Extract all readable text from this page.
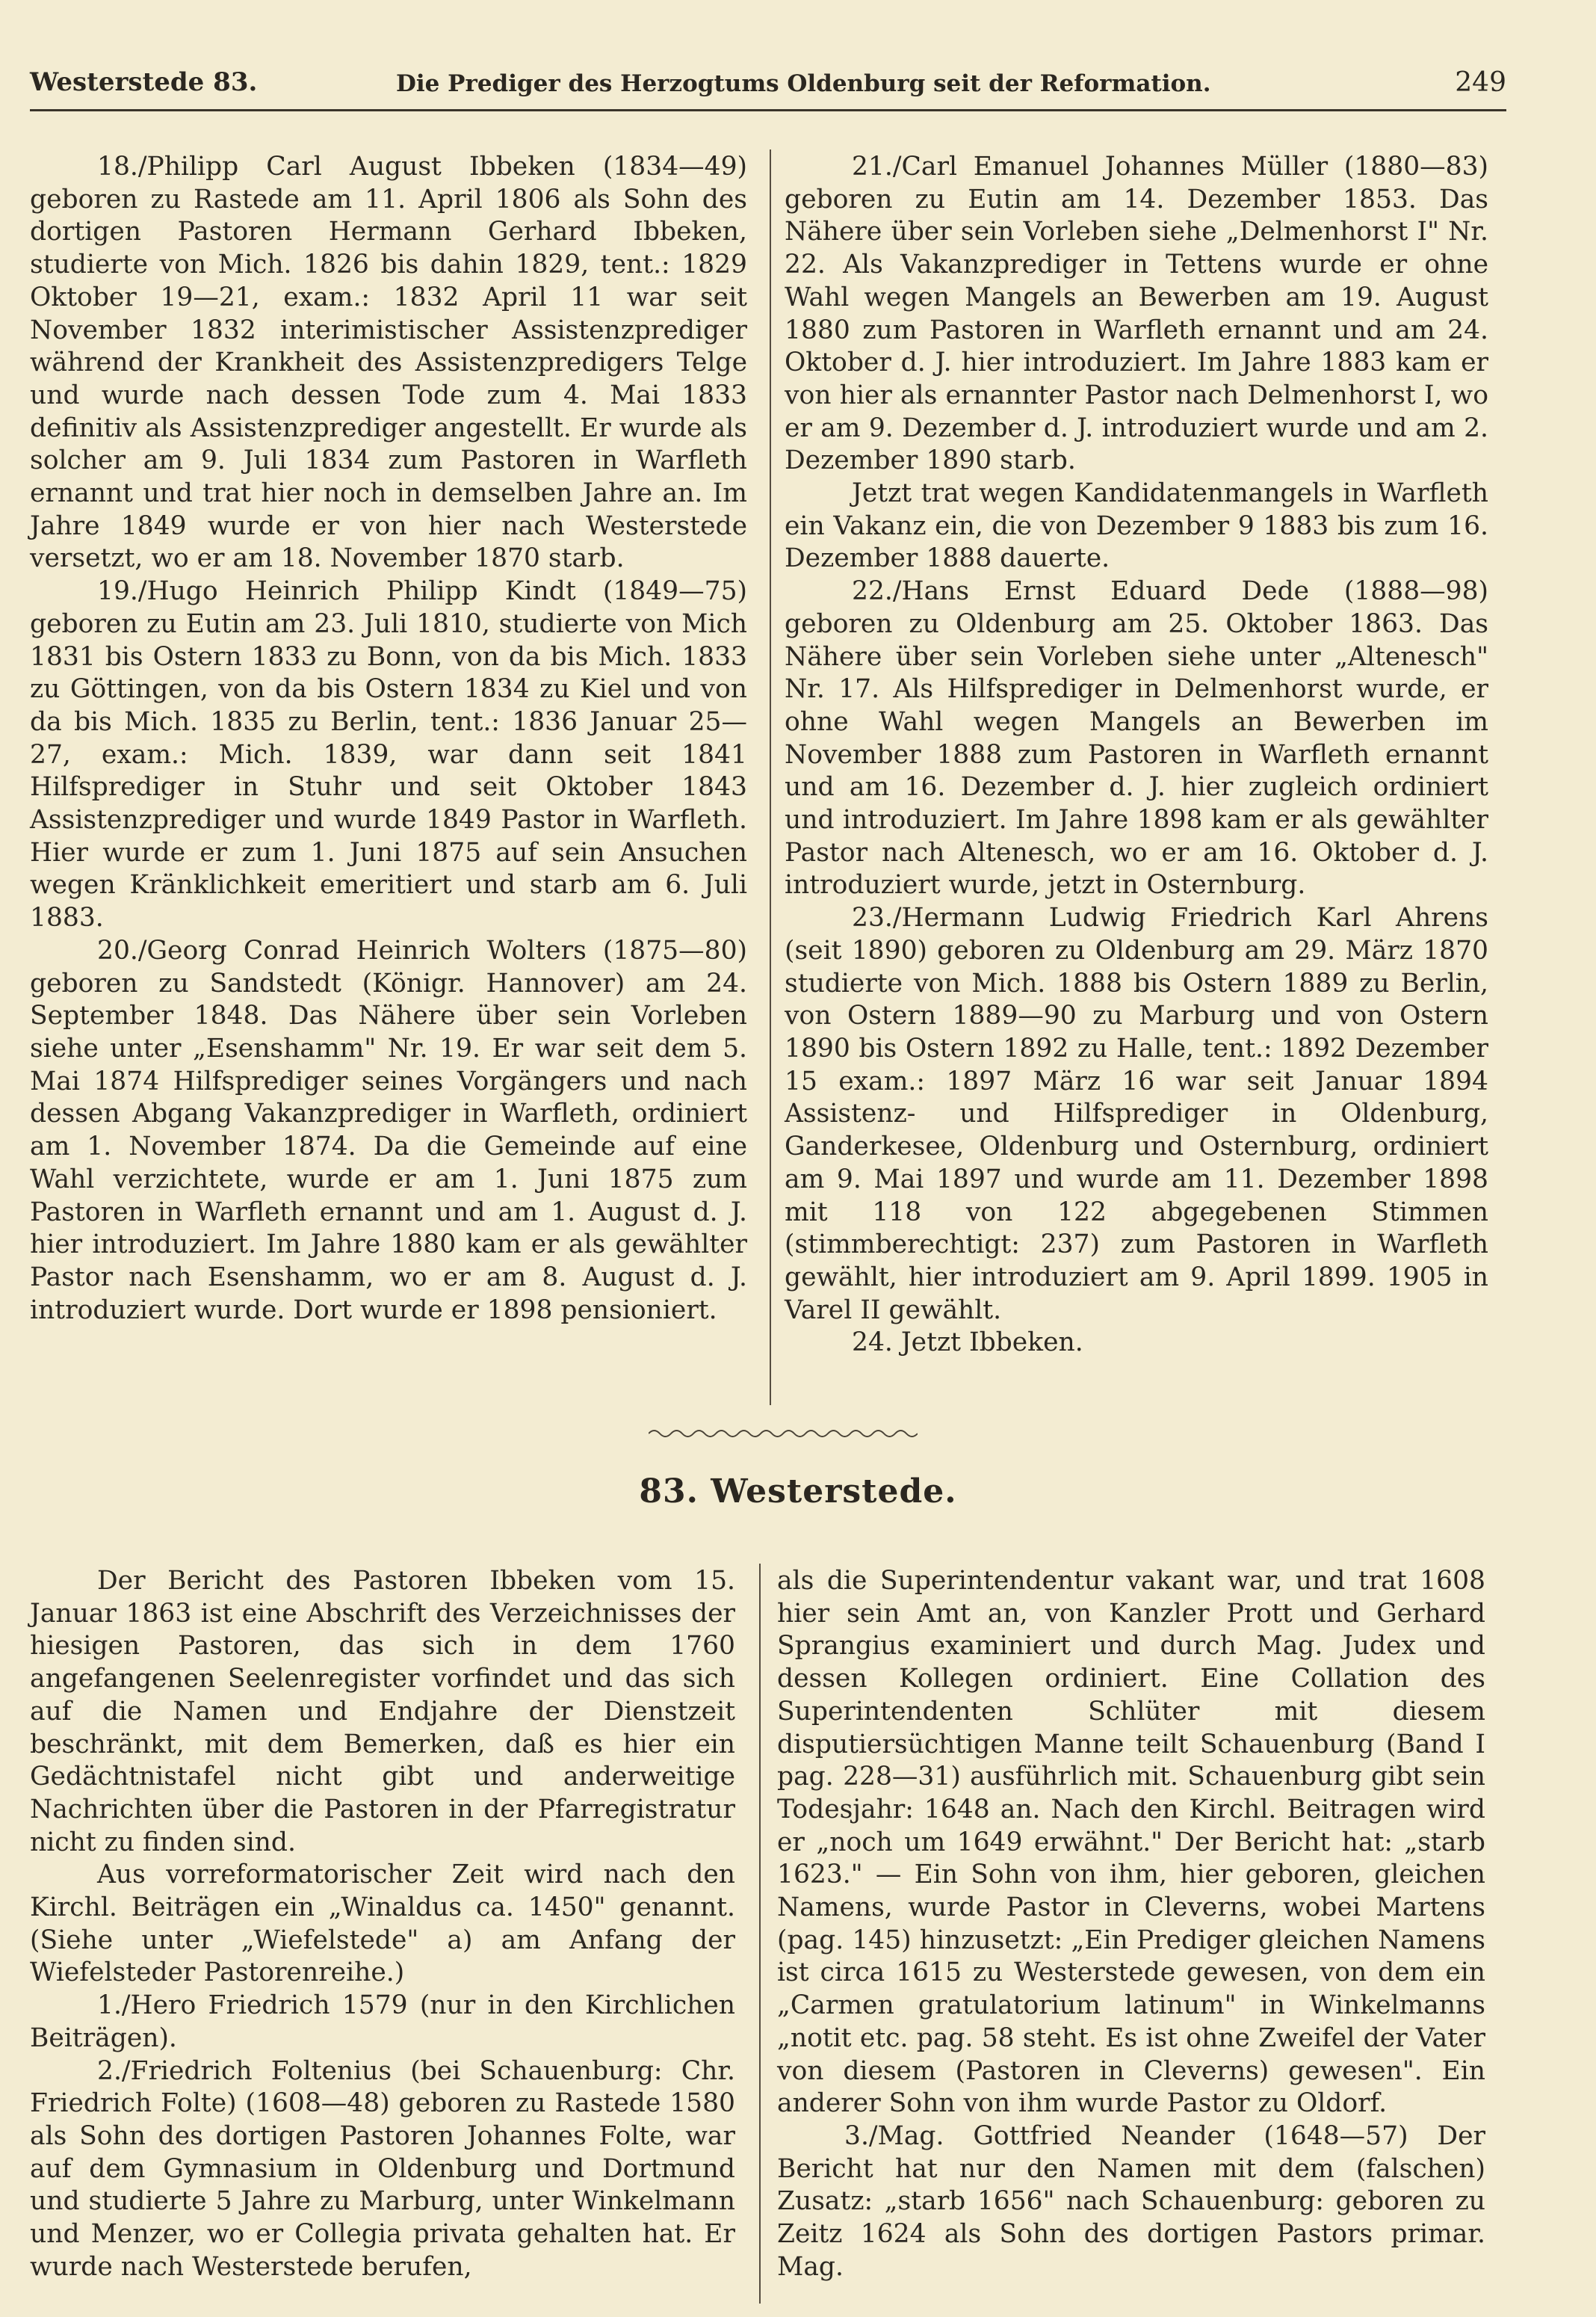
Westerstede 83.	Die Prediger des Herzogtums Oldenburg seit der Reformation.	249

18./Philipp Carl August Ibbeken (1834—49) geboren zu Rastede am 11. April 1806 als Sohn des dortigen Pastoren Hermann Gerhard Ibbeken, studierte von Mich. 1826 bis dahin 1829, tent.: 1829 Oktober 19—21, exam.: 1832 April 11 war seit November 1832 interimistischer Assistenzprediger während der Krankheit des Assistenzpredigers Telge und wurde nach dessen Tode zum 4. Mai 1833 definitiv als Assistenzprediger angestellt. Er wurde als solcher am 9. Juli 1834 zum Pastoren in Warfleth ernannt und trat hier noch in demselben Jahre an. Im Jahre 1849 wurde er von hier nach Westerstede versetzt, wo er am 18. November 1870 starb.

19./Hugo Heinrich Philipp Kindt (1849—75) geboren zu Eutin am 23. Juli 1810, studierte von Mich 1831 bis Ostern 1833 zu Bonn, von da bis Mich. 1833 zu Göttingen, von da bis Ostern 1834 zu Kiel und von da bis Mich. 1835 zu Berlin, tent.: 1836 Januar 25—27, exam.: Mich. 1839, war dann seit 1841 Hilfsprediger in Stuhr und seit Oktober 1843 Assistenzprediger und wurde 1849 Pastor in Warfleth. Hier wurde er zum 1. Juni 1875 auf sein Ansuchen wegen Kränklichkeit emeritiert und starb am 6. Juli 1883.

20./Georg Conrad Heinrich Wolters (1875—80) geboren zu Sandstedt (Königr. Hannover) am 24. September 1848. Das Nähere über sein Vorleben siehe unter „Esenshamm" Nr. 19. Er war seit dem 5. Mai 1874 Hilfsprediger seines Vorgängers und nach dessen Abgang Vakanzprediger in Warfleth, ordiniert am 1. November 1874. Da die Gemeinde auf eine Wahl verzichtete, wurde er am 1. Juni 1875 zum Pastoren in Warfleth ernannt und am 1. August d. J. hier introduziert. Im Jahre 1880 kam er als gewählter Pastor nach Esenshamm, wo er am 8. August d. J. introduziert wurde. Dort wurde er 1898 pensioniert.

21./Carl Emanuel Johannes Müller (1880—83) geboren zu Eutin am 14. Dezember 1853. Das Nähere über sein Vorleben siehe „Delmenhorst I" Nr. 22. Als Vakanzprediger in Tettens wurde er ohne Wahl wegen Mangels an Bewerben am 19. August 1880 zum Pastoren in Warfleth ernannt und am 24. Oktober d. J. hier introduziert. Im Jahre 1883 kam er von hier als ernannter Pastor nach Delmenhorst I, wo er am 9. Dezember d. J. introduziert wurde und am 2. Dezember 1890 starb.

Jetzt trat wegen Kandidatenmangels in Warfleth ein Vakanz ein, die von Dezember 9 1883 bis zum 16. Dezember 1888 dauerte.

22./Hans Ernst Eduard Dede (1888—98) geboren zu Oldenburg am 25. Oktober 1863. Das Nähere über sein Vorleben siehe unter „Altenesch" Nr. 17. Als Hilfsprediger in Delmenhorst wurde, er ohne Wahl wegen Mangels an Bewerben im November 1888 zum Pastoren in Warfleth ernannt und am 16. Dezember d. J. hier zugleich ordiniert und introduziert. Im Jahre 1898 kam er als gewählter Pastor nach Altenesch, wo er am 16. Oktober d. J. introduziert wurde, jetzt in Osternburg.

23./Hermann Ludwig Friedrich Karl Ahrens (seit 1890) geboren zu Oldenburg am 29. März 1870 studierte von Mich. 1888 bis Ostern 1889 zu Berlin, von Ostern 1889—90 zu Marburg und von Ostern 1890 bis Ostern 1892 zu Halle, tent.: 1892 Dezember 15 exam.: 1897 März 16 war seit Januar 1894 Assistenz- und Hilfsprediger in Oldenburg, Ganderkesee, Oldenburg und Osternburg, ordiniert am 9. Mai 1897 und wurde am 11. Dezember 1898 mit 118 von 122 abgegebenen Stimmen (stimmberechtigt: 237) zum Pastoren in Warfleth gewählt, hier introduziert am 9. April 1899. 1905 in Varel II gewählt.

24. Jetzt Ibbeken.

83. Westerstede.

Der Bericht des Pastoren Ibbeken vom 15. Januar 1863 ist eine Abschrift des Verzeichnisses der hiesigen Pastoren, das sich in dem 1760 angefangenen Seelenregister vorfindet und das sich auf die Namen und Endjahre der Dienstzeit beschränkt, mit dem Bemerken, daß es hier ein Gedächtnistafel nicht gibt und anderweitige Nachrichten über die Pastoren in der Pfarregistratur nicht zu finden sind.

Aus vorreformatorischer Zeit wird nach den Kirchl. Beiträgen ein „Winaldus ca. 1450" genannt. (Siehe unter „Wiefelstede" a) am Anfang der Wiefelsteder Pastorenreihe.)

1./Hero Friedrich 1579 (nur in den Kirchlichen Beiträgen).

2./Friedrich Foltenius (bei Schauenburg: Chr. Friedrich Folte) (1608—48) geboren zu Rastede 1580 als Sohn des dortigen Pastoren Johannes Folte, war auf dem Gymnasium in Oldenburg und Dortmund und studierte 5 Jahre zu Marburg, unter Winkelmann und Menzer, wo er Collegia privata gehalten hat. Er wurde nach Westerstede berufen,

als die Superintendentur vakant war, und trat 1608 hier sein Amt an, von Kanzler Prott und Gerhard Sprangius examiniert und durch Mag. Judex und dessen Kollegen ordiniert. Eine Collation des Superintendenten Schlüter mit diesem disputiersüchtigen Manne teilt Schauenburg (Band I pag. 228—31) ausführlich mit. Schauenburg gibt sein Todesjahr: 1648 an. Nach den Kirchl. Beitragen wird er „noch um 1649 erwähnt." Der Bericht hat: „starb 1623." — Ein Sohn von ihm, hier geboren, gleichen Namens, wurde Pastor in Cleverns, wobei Martens (pag. 145) hinzusetzt: „Ein Prediger gleichen Namens ist circa 1615 zu Westerstede gewesen, von dem ein „Carmen gratulatorium latinum" in Winkelmanns „notit etc. pag. 58 steht. Es ist ohne Zweifel der Vater von diesem (Pastoren in Cleverns) gewesen". Ein anderer Sohn von ihm wurde Pastor zu Oldorf.

3./Mag. Gottfried Neander (1648—57) Der Bericht hat nur den Namen mit dem (falschen) Zusatz: „starb 1656" nach Schauenburg: geboren zu Zeitz 1624 als Sohn des dortigen Pastors primar. Mag.
